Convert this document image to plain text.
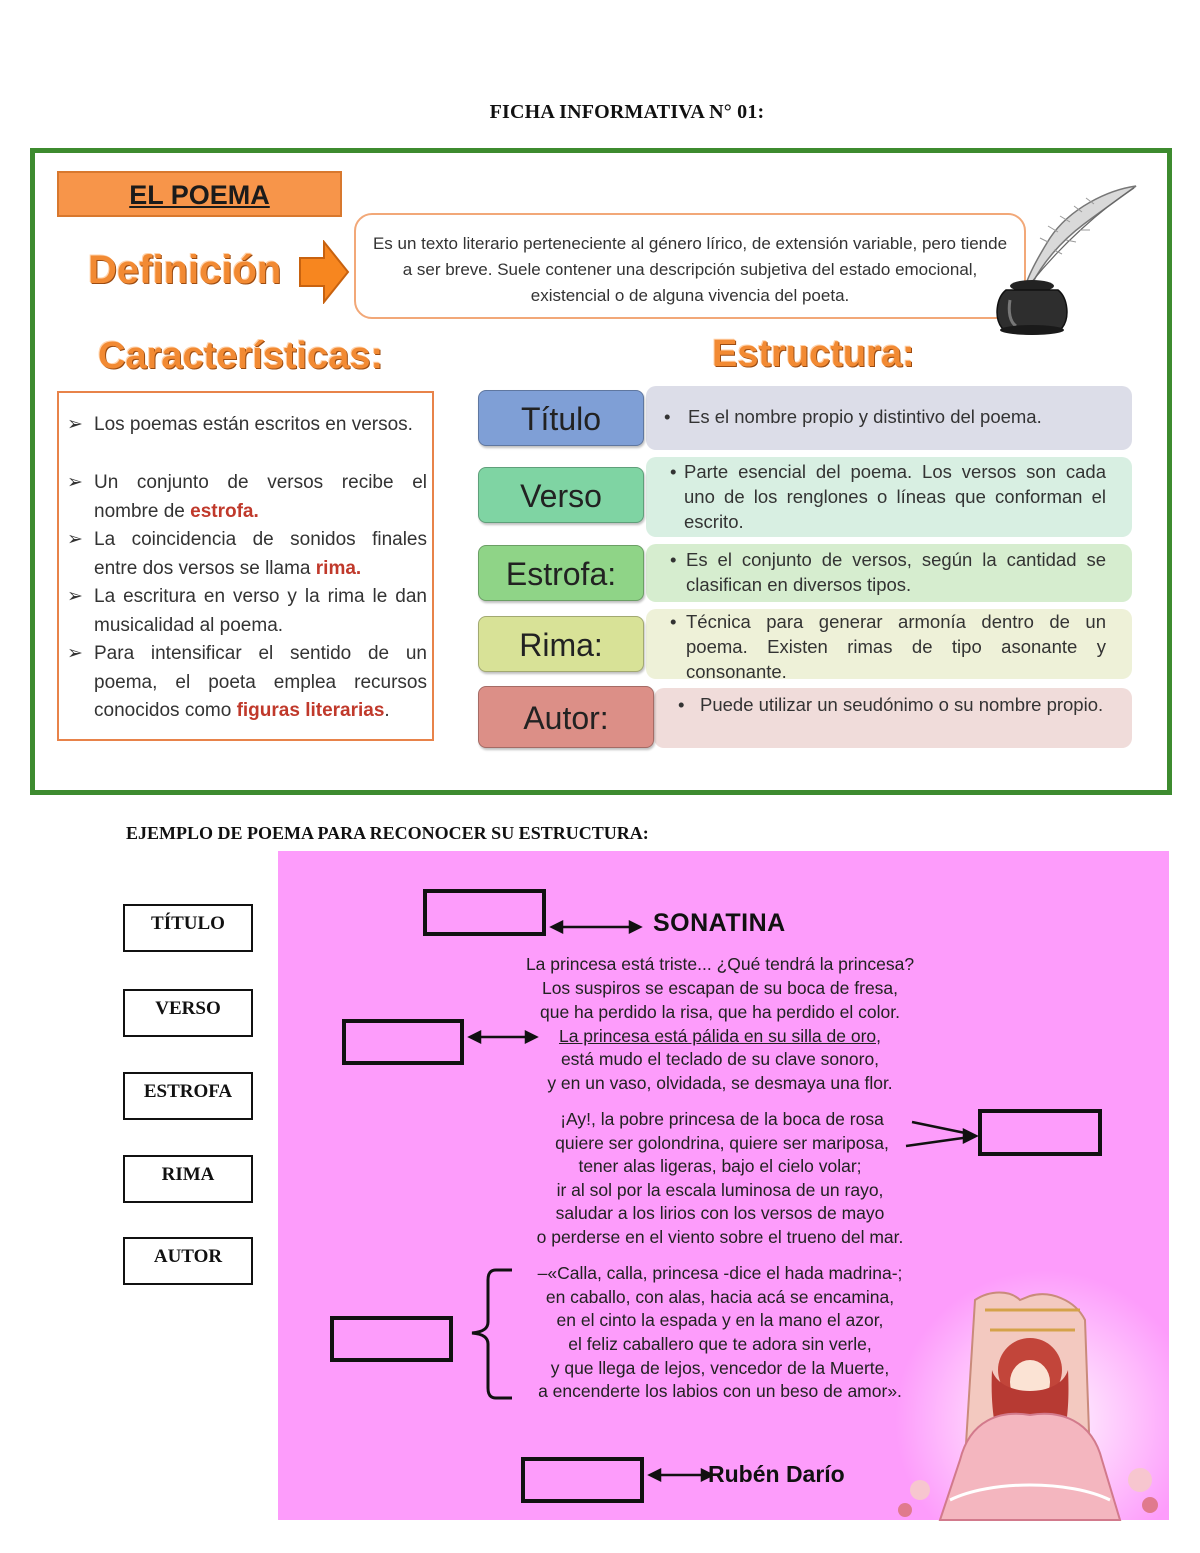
FICHA INFORMATIVA N° 01:
EL POEMA
Definición

Es un texto literario perteneciente al género lírico, de extensión variable, pero tiende a ser breve. Suele contener una descripción subjetiva del estado emocional, existencial o de alguna vivencia del poeta.

Características:	Estructura:
➢ Los poemas están escritos en versos.
➢ Un conjunto de versos recibe el nombre de estrofa.
➢ La coincidencia de sonidos finales entre dos versos se llama rima.
➢ La escritura en verso y la rima le dan musicalidad al poema.
➢ Para intensificar el sentido de un poema, el poeta emplea recursos conocidos como figuras literarias.
• Es el nombre propio y distintivo del poema.
Título
• Parte esencial del poema. Los versos son cada uno de los renglones o líneas que conforman el escrito.
Verso
• Es el conjunto de versos, según la cantidad se clasifican en diversos tipos.
Estrofa:
• Técnica para generar armonía dentro de un poema. Existen rimas de tipo asonante y consonante.
Rima:
• Puede utilizar un seudónimo o su nombre propio.
Autor:
EJEMPLO DE POEMA PARA RECONOCER SU ESTRUCTURA:
TÍTULO
VERSO
ESTROFA
RIMA
AUTOR
SONATINA
La princesa está triste... ¿Qué tendrá la princesa?
Los suspiros se escapan de su boca de fresa,
que ha perdido la risa, que ha perdido el color.
La princesa está pálida en su silla de oro,
está mudo el teclado de su clave sonoro,
y en un vaso, olvidada, se desmaya una flor.
¡Ay!, la pobre princesa de la boca de rosa
quiere ser golondrina, quiere ser mariposa,
tener alas ligeras, bajo el cielo volar;
ir al sol por la escala luminosa de un rayo,
saludar a los lirios con los versos de mayo
o perderse en el viento sobre el trueno del mar.
–«Calla, calla, princesa -dice el hada madrina-;
en caballo, con alas, hacia acá se encamina,
en el cinto la espada y en la mano el azor,
el feliz caballero que te adora sin verle,
y que llega de lejos, vencedor de la Muerte,
a encenderte los labios con un beso de amor».
Rubén Darío
